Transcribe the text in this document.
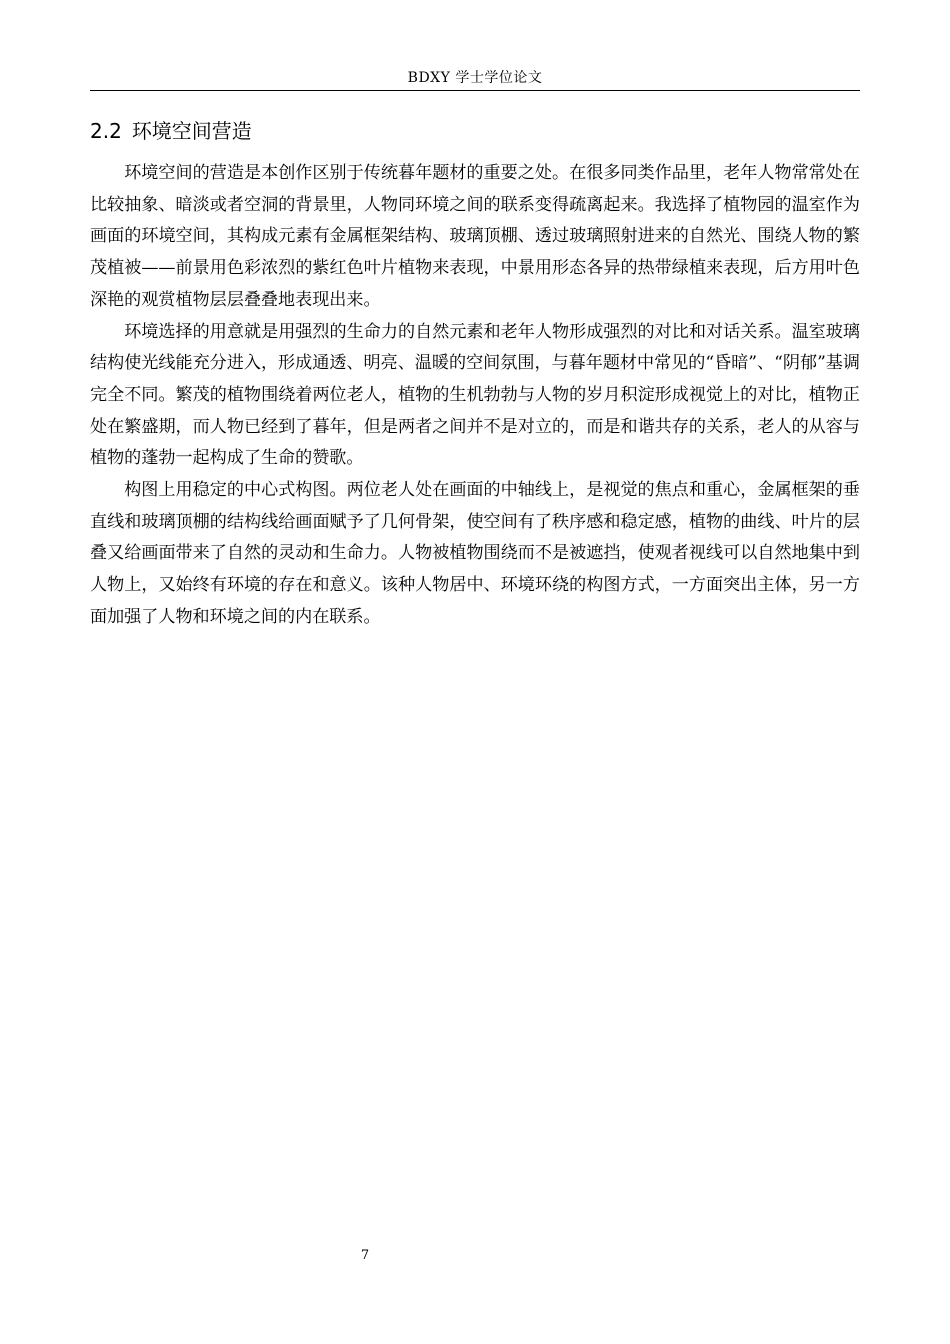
BDXY 学士学位论文
2.2 环境空间营造

环境空间的营造是本创作区别于传统暮年题材的重要之处。在很多同类作品里，老年人物常常处在比较抽象、暗淡或者空洞的背景里，人物同环境之间的联系变得疏离起来。我选择了植物园的温室作为画面的环境空间，其构成元素有金属框架结构、玻璃顶棚、透过玻璃照射进来的自然光、围绕人物的繁茂植被——前景用色彩浓烈的紫红色叶片植物来表现，中景用形态各异的热带绿植来表现，后方用叶色深艳的观赏植物层层叠叠地表现出来。

环境选择的用意就是用强烈的生命力的自然元素和老年人物形成强烈的对比和对话关系。温室玻璃结构使光线能充分进入，形成通透、明亮、温暖的空间氛围，与暮年题材中常见的“昏暗”、“阴郁”基调完全不同。繁茂的植物围绕着两位老人，植物的生机勃勃与人物的岁月积淀形成视觉上的对比，植物正处在繁盛期，而人物已经到了暮年，但是两者之间并不是对立的，而是和谐共存的关系，老人的从容与植物的蓬勃一起构成了生命的赞歌。

构图上用稳定的中心式构图。两位老人处在画面的中轴线上，是视觉的焦点和重心，金属框架的垂直线和玻璃顶棚的结构线给画面赋予了几何骨架，使空间有了秩序感和稳定感，植物的曲线、叶片的层叠又给画面带来了自然的灵动和生命力。人物被植物围绕而不是被遮挡，使观者视线可以自然地集中到人物上，又始终有环境的存在和意义。该种人物居中、环境环绕的构图方式，一方面突出主体，另一方面加强了人物和环境之间的内在联系。

7
